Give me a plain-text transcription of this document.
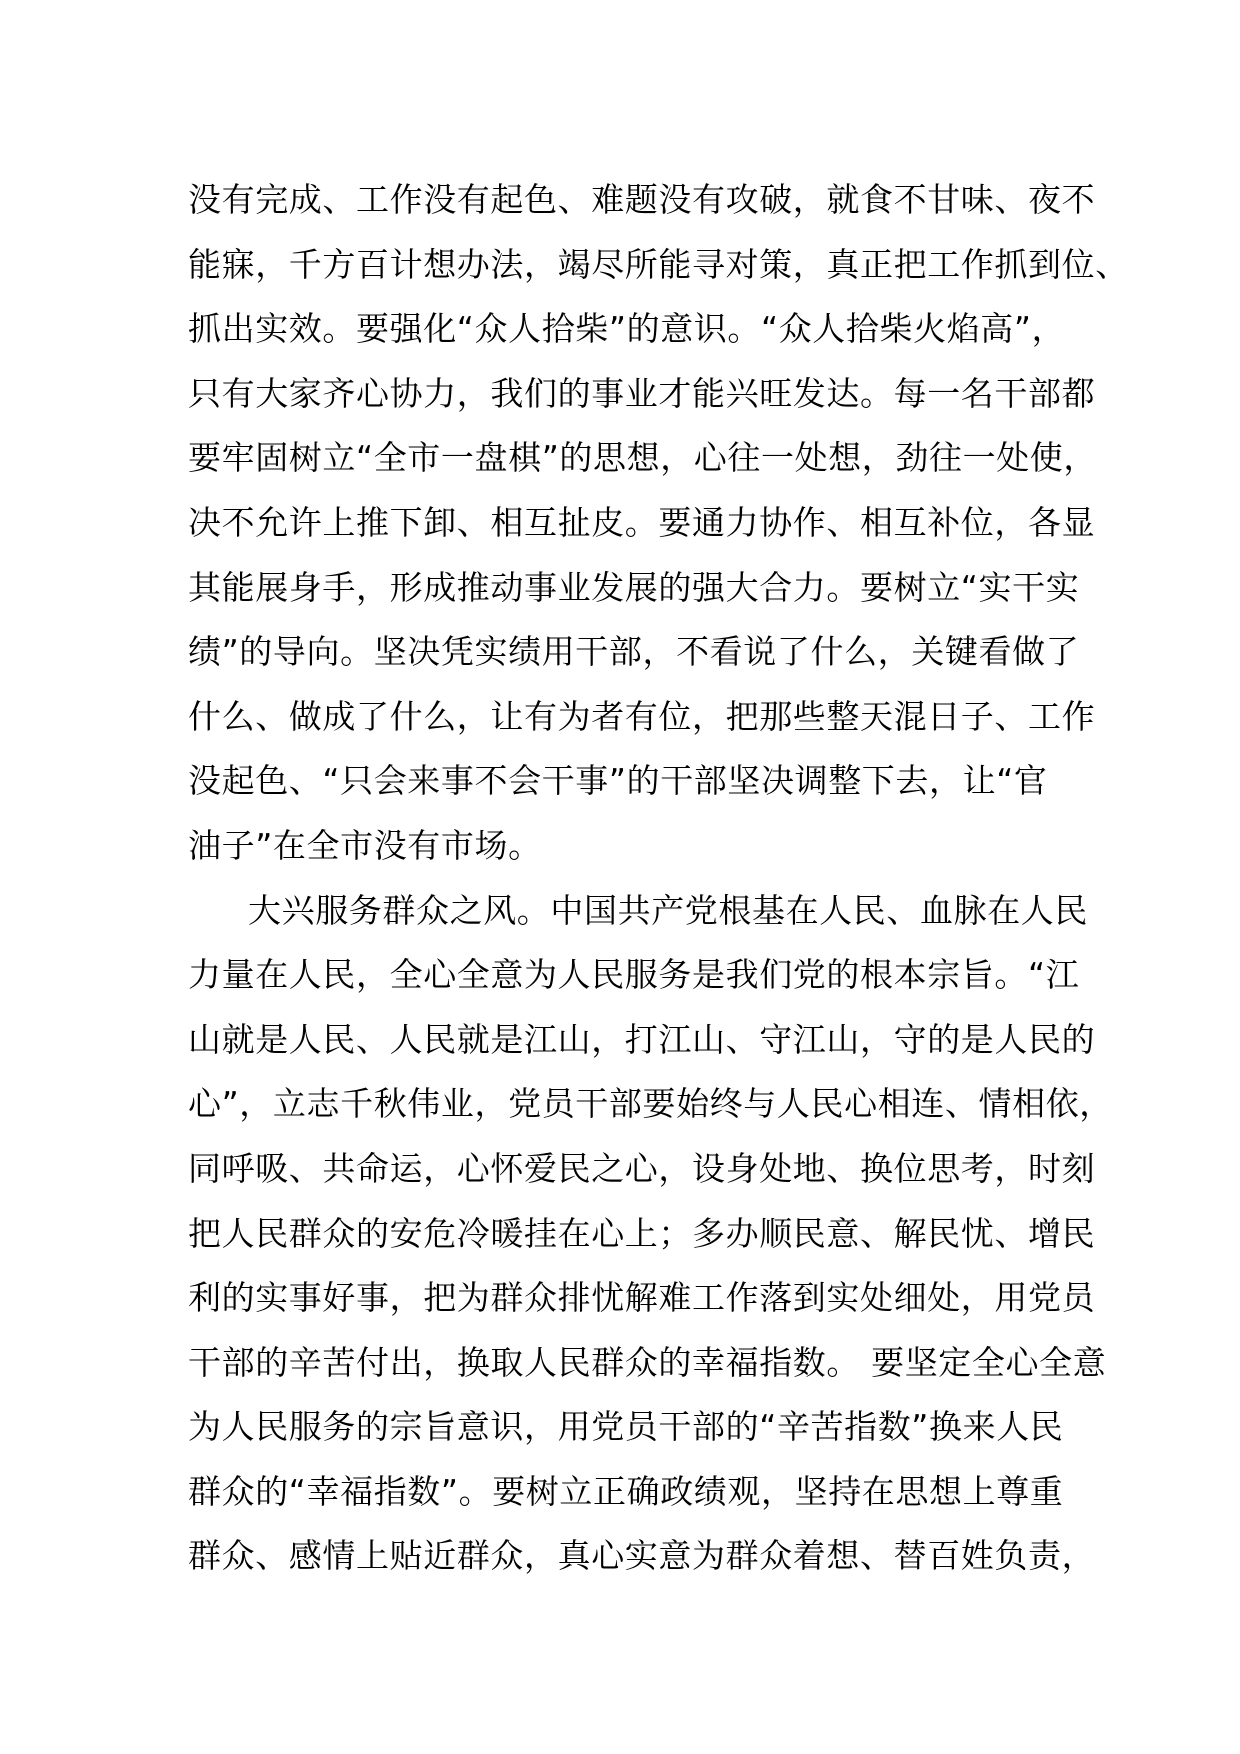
没有完成、工作没有起色、难题没有攻破，就食不甘味、夜不
能寐，千方百计想办法，竭尽所能寻对策，真正把工作抓到位、
抓出实效。要强化“众人拾柴”的意识。“众人拾柴火焰高”，
只有大家齐心协力，我们的事业才能兴旺发达。每一名干部都
要牢固树立“全市一盘棋”的思想，心往一处想，劲往一处使，
决不允许上推下卸、相互扯皮。要通力协作、相互补位，各显
其能展身手，形成推动事业发展的强大合力。要树立“实干实
绩”的导向。坚决凭实绩用干部，不看说了什么，关键看做了
什么、做成了什么，让有为者有位，把那些整天混日子、工作
没起色、“只会来事不会干事”的干部坚决调整下去，让“官
油子”在全市没有市场。
大兴服务群众之风。中国共产党根基在人民、血脉在人民
力量在人民，全心全意为人民服务是我们党的根本宗旨。“江
山就是人民、人民就是江山，打江山、守江山，守的是人民的
心”，立志千秋伟业，党员干部要始终与人民心相连、情相依，
同呼吸、共命运，心怀爱民之心，设身处地、换位思考，时刻
把人民群众的安危冷暖挂在心上；多办顺民意、解民忧、增民
利的实事好事，把为群众排忧解难工作落到实处细处，用党员
干部的辛苦付出，换取人民群众的幸福指数。 要坚定全心全意
为人民服务的宗旨意识，用党员干部的“辛苦指数”换来人民
群众的“幸福指数”。要树立正确政绩观，坚持在思想上尊重
群众、感情上贴近群众，真心实意为群众着想、替百姓负责，
